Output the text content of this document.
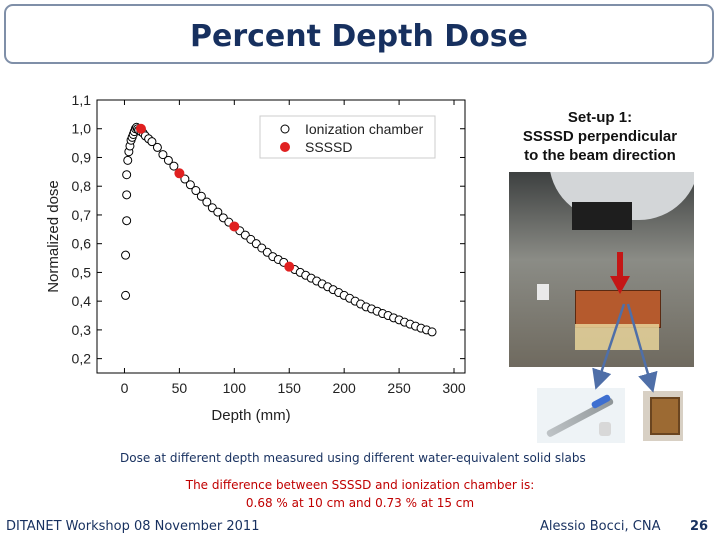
Percent Depth Dose
0,2
0,3
0,4
0,5
0,6
0,7
0,8
0,9
1,0
1,1
0	50	100 150 200 250 300
Depth (mm)
Normalized dose
Ionization chamber
SSSSD
Set-up 1:
SSSSD perpendicular
to the beam direction
Dose at different depth measured using different water-equivalent solid slabs
The difference between SSSSD and ionization chamber is:
0.68 % at 10 cm and 0.73 % at 15 cm
DITANET Workshop 08 November 2011	Alessio Bocci, CNA 26
